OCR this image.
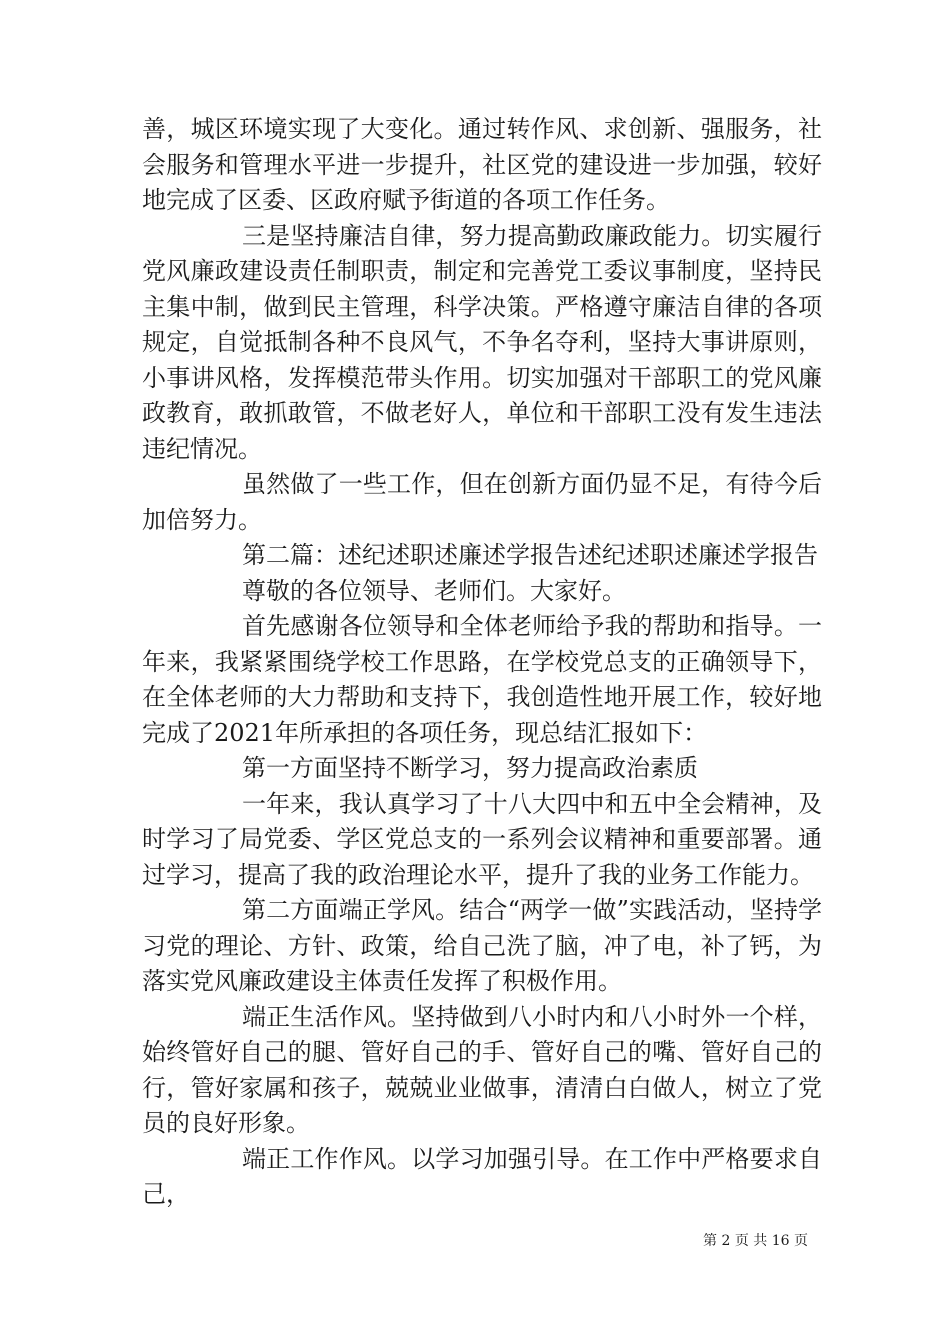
善，城区环境实现了大变化。通过转作风、求创新、强服务，社会服务和管理水平进一步提升，社区党的建设进一步加强，较好地完成了区委、区政府赋予街道的各项工作任务。

三是坚持廉洁自律，努力提高勤政廉政能力。切实履行党风廉政建设责任制职责，制定和完善党工委议事制度，坚持民主集中制，做到民主管理，科学决策。严格遵守廉洁自律的各项规定，自觉抵制各种不良风气，不争名夺利，坚持大事讲原则，小事讲风格，发挥模范带头作用。切实加强对干部职工的党风廉政教育，敢抓敢管，不做老好人，单位和干部职工没有发生违法违纪情况。

虽然做了一些工作，但在创新方面仍显不足，有待今后加倍努力。

第二篇：述纪述职述廉述学报告述纪述职述廉述学报告

尊敬的各位领导、老师们。大家好。

首先感谢各位领导和全体老师给予我的帮助和指导。一年来，我紧紧围绕学校工作思路，在学校党总支的正确领导下，在全体老师的大力帮助和支持下，我创造性地开展工作，较好地完成了2021年所承担的各项任务，现总结汇报如下：

第一方面坚持不断学习，努力提高政治素质

一年来，我认真学习了十八大四中和五中全会精神，及时学习了局党委、学区党总支的一系列会议精神和重要部署。通过学习，提高了我的政治理论水平，提升了我的业务工作能力。

第二方面端正学风。结合“两学一做”实践活动，坚持学习党的理论、方针、政策，给自己洗了脑，冲了电，补了钙，为落实党风廉政建设主体责任发挥了积极作用。

端正生活作风。坚持做到八小时内和八小时外一个样，始终管好自己的腿、管好自己的手、管好自己的嘴、管好自己的行，管好家属和孩子，兢兢业业做事，清清白白做人，树立了党员的良好形象。

端正工作作风。以学习加强引导。在工作中严格要求自己，

第 2 页 共 16 页
